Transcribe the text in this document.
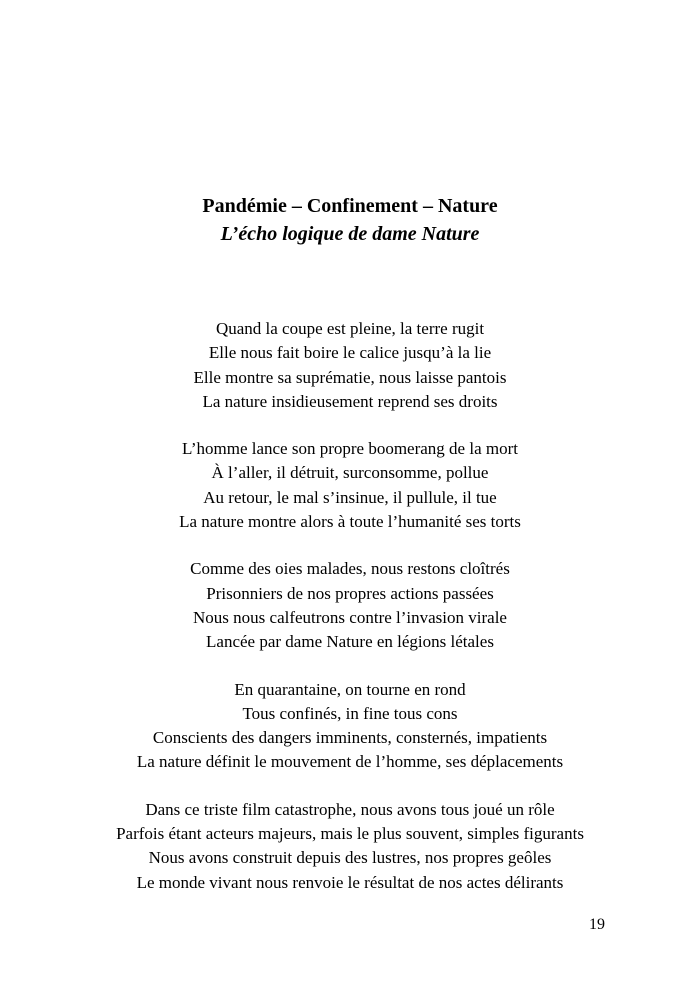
Pandémie – Confinement – Nature

L’écho logique de dame Nature

Quand la coupe est pleine, la terre rugit
Elle nous fait boire le calice jusqu’à la lie
Elle montre sa suprématie, nous laisse pantois
La nature insidieusement reprend ses droits
L’homme lance son propre boomerang de la mort
À l’aller, il détruit, surconsomme, pollue
Au retour, le mal s’insinue, il pullule, il tue
La nature montre alors à toute l’humanité ses torts
Comme des oies malades, nous restons cloîtrés
Prisonniers de nos propres actions passées
Nous nous calfeutrons contre l’invasion virale
Lancée par dame Nature en légions létales
En quarantaine, on tourne en rond
Tous confinés, in fine tous cons
Conscients des dangers imminents, consternés, impatients
La nature définit le mouvement de l’homme, ses déplacements
Dans ce triste film catastrophe, nous avons tous joué un rôle
Parfois étant acteurs majeurs, mais le plus souvent, simples figurants
Nous avons construit depuis des lustres, nos propres geôles
Le monde vivant nous renvoie le résultat de nos actes délirants
19
